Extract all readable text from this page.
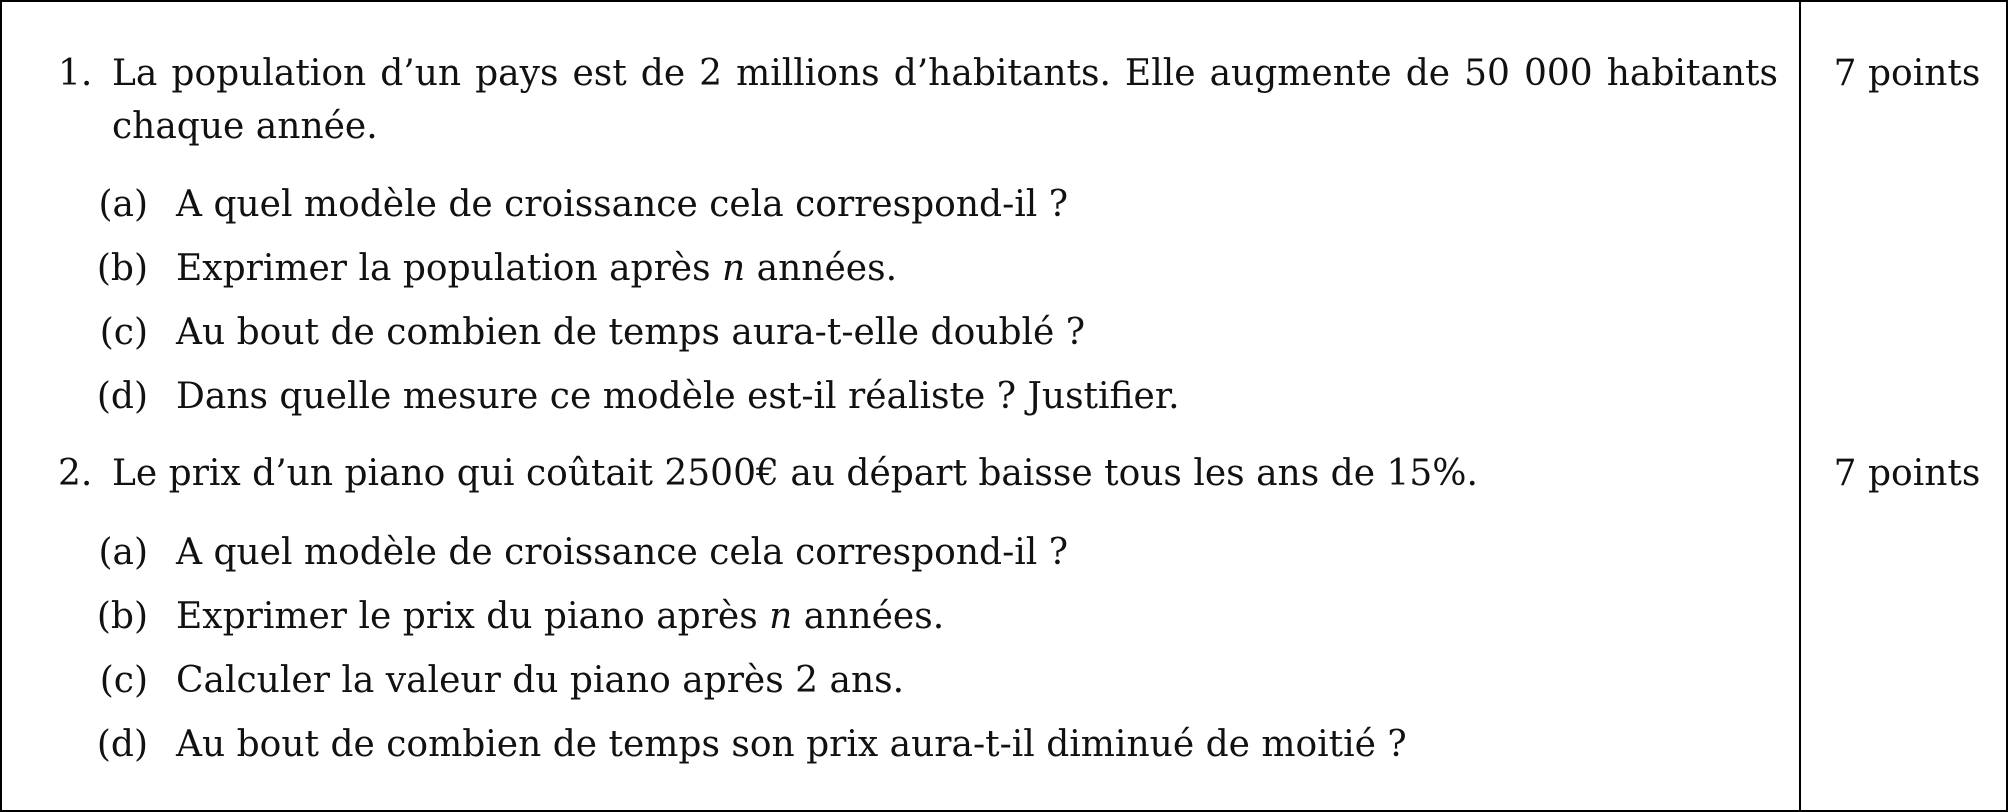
1. La population d’un pays est de 2 millions d’habitants. Elle augmente de 50 000 habitants
chaque année.
7 points
(a) A quel modèle de croissance cela correspond-il ?
(b) Exprimer la population après n années.
(c) Au bout de combien de temps aura-t-elle doublé ?
(d) Dans quelle mesure ce modèle est-il réaliste ? Justifier.
2. Le prix d’un piano qui coûtait 2500€ au départ baisse tous les ans de 15%.	7 points
(a) A quel modèle de croissance cela correspond-il ?
(b) Exprimer le prix du piano après n années.
(c) Calculer la valeur du piano après 2 ans.
(d) Au bout de combien de temps son prix aura-t-il diminué de moitié ?
